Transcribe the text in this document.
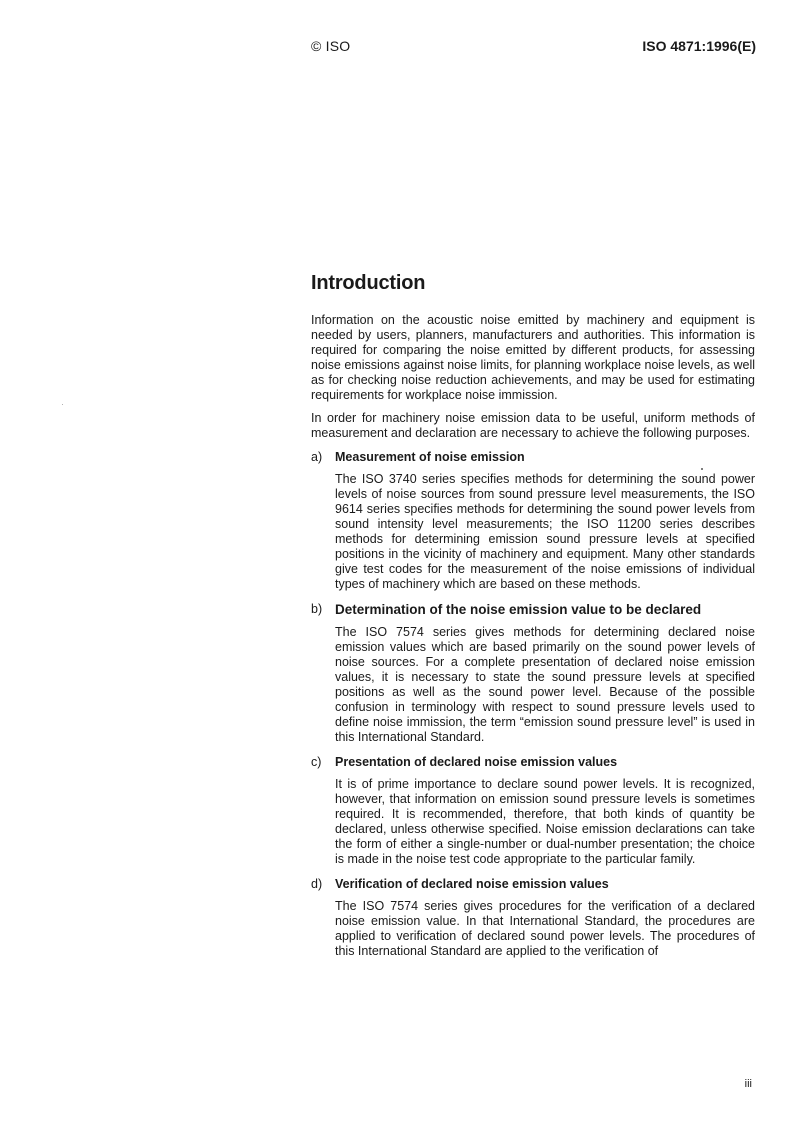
© ISO	ISO 4871:1996(E)
Introduction

Information on the acoustic noise emitted by machinery and equipment is needed by users, planners, manufacturers and authorities. This information is required for comparing the noise emitted by different products, for assessing noise emissions against noise limits, for planning workplace noise levels, as well as for checking noise reduction achievements, and may be used for estimating requirements for workplace noise immission.

In order for machinery noise emission data to be useful, uniform methods of measurement and declaration are necessary to achieve the following purposes.

a) Measurement of noise emission
The ISO 3740 series specifies methods for determining the sound power levels of noise sources from sound pressure level measurements, the ISO 9614 series specifies methods for determining the sound power levels from sound intensity level measurements; the ISO 11200 series describes methods for determining emission sound pressure levels at specified positions in the vicinity of machinery and equipment. Many other standards give test codes for the measurement of the noise emissions of individual types of machinery which are based on these methods.
b) Determination of the noise emission value to be declared
The ISO 7574 series gives methods for determining declared noise emission values which are based primarily on the sound power levels of noise sources. For a complete presentation of declared noise emission values, it is necessary to state the sound pressure levels at specified positions as well as the sound power level. Because of the possible confusion in terminology with respect to sound pressure levels used to define noise immission, the term “emission sound pressure level” is used in this International Standard.
c) Presentation of declared noise emission values
It is of prime importance to declare sound power levels. It is recognized, however, that information on emission sound pressure levels is sometimes required. It is recommended, therefore, that both kinds of quantity be declared, unless otherwise specified. Noise emission declarations can take the form of either a single-number or dual-number presentation; the choice is made in the noise test code appropriate to the particular family.
d) Verification of declared noise emission values
The ISO 7574 series gives procedures for the verification of a declared noise emission value. In that International Standard, the procedures are applied to verification of declared sound power levels. The procedures of this International Standard are applied to the verification of
iii
